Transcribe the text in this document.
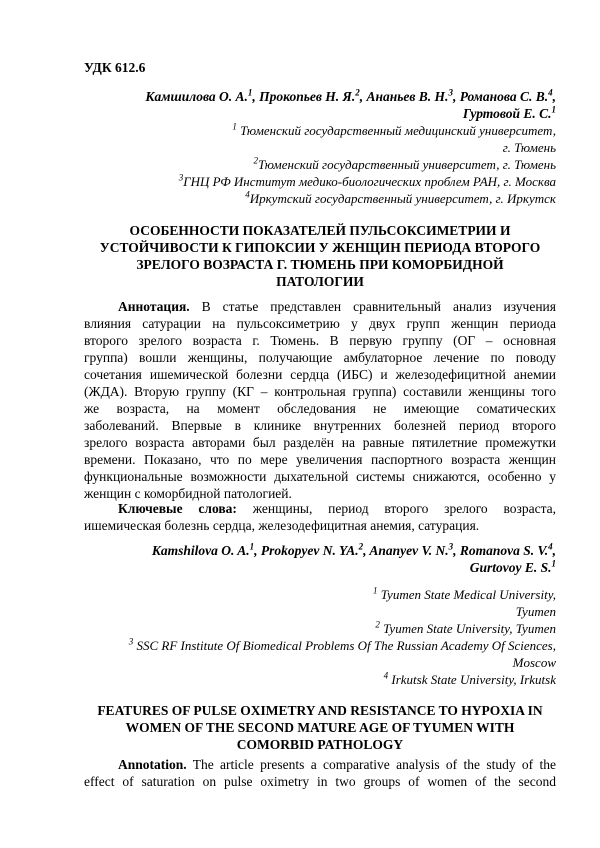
УДК 612.6
Камшилова О. А.$^1$, Прокопьев Н. Я.$^2$, Ананьев В. Н.$^3$, Романова С. В.$^4$,
Гуртовой Е. С.$^1$
$^1$ Тюменский государственный медицинский университет,
г. Тюмень
$^2$Тюменский государственный университет, г. Тюмень
$^3$ГНЦ РФ Институт медико-биологических проблем РАН, г. Москва
$^4$Иркутский государственный университет, г. Иркутск
ОСОБЕННОСТИ ПОКАЗАТЕЛЕЙ ПУЛЬСОКСИМЕТРИИ И
УСТОЙЧИВОСТИ К ГИПОКСИИ У ЖЕНЩИН ПЕРИОДА ВТОРОГО
ЗРЕЛОГО ВОЗРАСТА Г. ТЮМЕНЬ ПРИ КОМОРБИДНОЙ
ПАТОЛОГИИ
Аннотация. В статье представлен сравнительный анализ изучения
влияния сатурации на пульсоксиметрию у двух групп женщин периода
второго зрелого возраста г. Тюмень. В первую группу (ОГ – основная
группа) вошли женщины, получающие амбулаторное лечение по поводу
сочетания ишемической болезни сердца (ИБС) и железодефицитной анемии
(ЖДА). Вторую группу (КГ – контрольная группа) составили женщины того
же возраста, на момент обследования не имеющие соматических
заболеваний. Впервые в клинике внутренних болезней период второго
зрелого возраста авторами был разделён на равные пятилетние промежутки
времени. Показано, что по мере увеличения паспортного возраста женщин
функциональные возможности дыхательной системы снижаются, особенно у
женщин с коморбидной патологией.
Ключевые слова: женщины, период второго зрелого возраста,
ишемическая болезнь сердца, железодефицитная анемия, сатурация.
Kamshilova O. A.$^1$, Prokopyev N. YA.$^2$, Ananyev V. N.$^3$, Romanova S. V.$^4$,
Gurtovoy E. S.$^1$
$^1$ Tyumen State Medical University,
Tyumen
$^2$ Tyumen State University, Tyumen
$^3$ SSC RF Institute Of Biomedical Problems Of The Russian Academy Of Sciences,
Moscow
$^4$ Irkutsk State University, Irkutsk
FEATURES OF PULSE OXIMETRY AND RESISTANCE TO HYPOXIA IN
WOMEN OF THE SECOND MATURE AGE OF TYUMEN WITH
COMORBID PATHOLOGY
Annotation. The article presents a comparative analysis of the study of the
effect of saturation on pulse oximetry in two groups of women of the second
